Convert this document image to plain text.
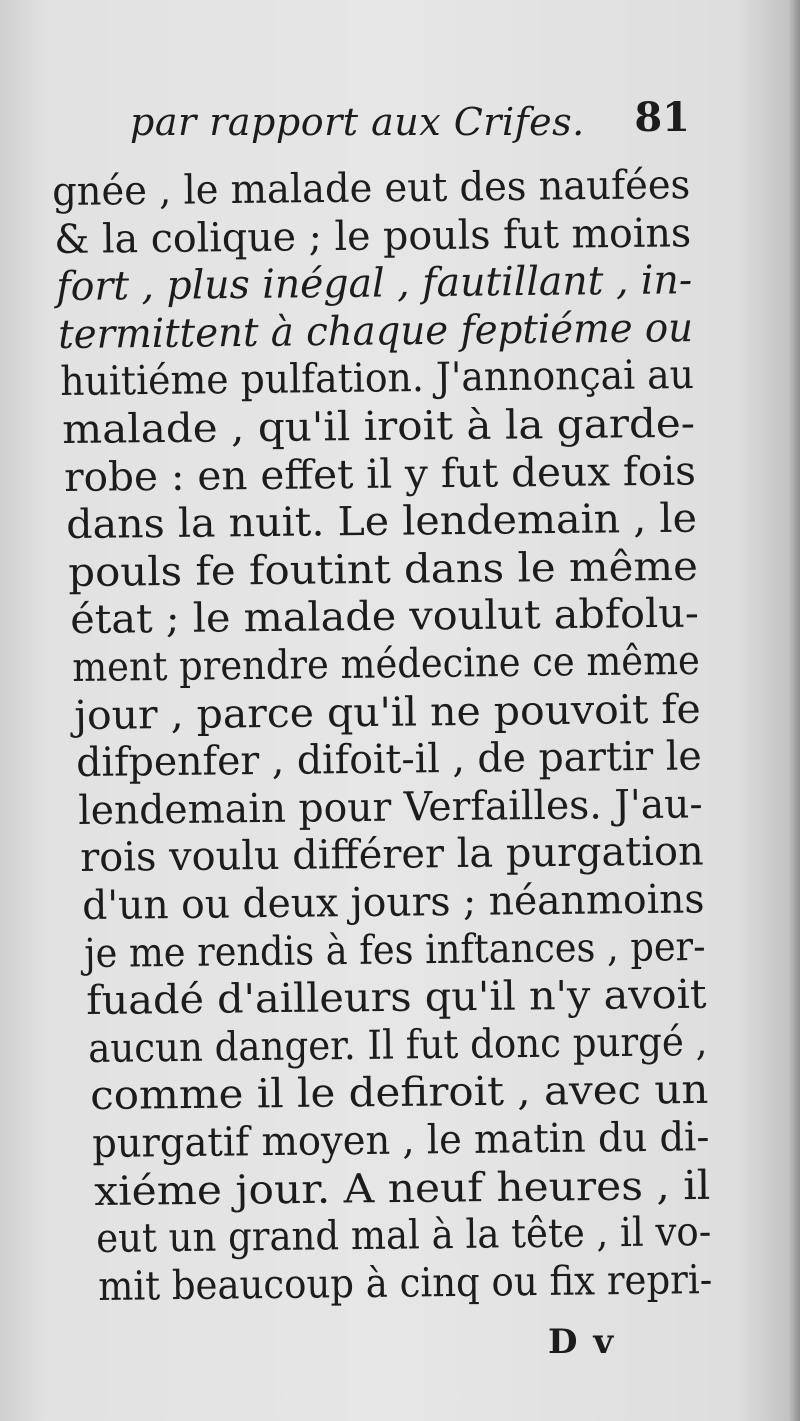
par rapport aux Crifes. 81
gnée , le malade eut des naufées
& la colique ; le pouls fut moins
fort , plus inégal , fautillant , in-
termittent à chaque feptiéme ou
huitiéme pulfation. J'annonçai au
malade , qu'il iroit à la garde-
robe : en effet il y fut deux fois
dans la nuit. Le lendemain , le
pouls fe foutint dans le même
état ; le malade voulut abfolu-
ment prendre médecine ce même
jour , parce qu'il ne pouvoit fe
difpenfer , difoit-il , de partir le
lendemain pour Verfailles. J'au-
rois voulu différer la purgation
d'un ou deux jours ; néanmoins
je me rendis à fes inftances , per-
fuadé d'ailleurs qu'il n'y avoit
aucun danger. Il fut donc purgé ,
comme il le defiroit , avec un
purgatif moyen , le matin du di-
xiéme jour. A neuf heures , il
eut un grand mal à la tête , il vo-
mit beaucoup à cinq ou fix repri-
D v
